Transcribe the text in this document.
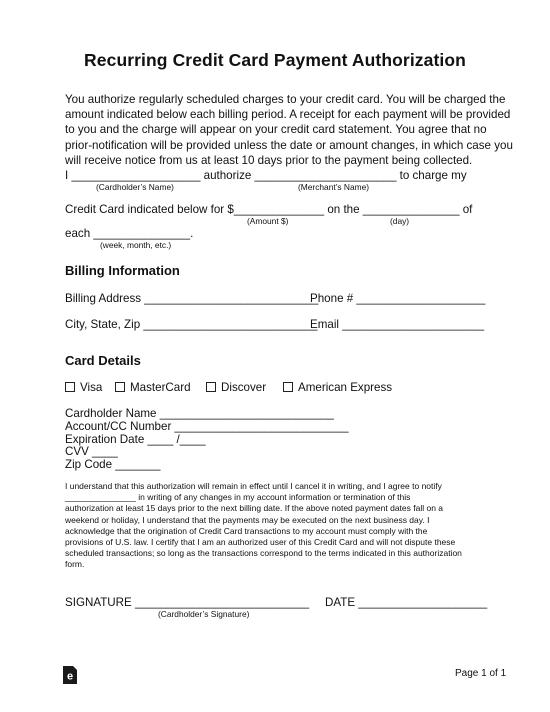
Recurring Credit Card Payment Authorization
You authorize regularly scheduled charges to your credit card. You will be charged the
amount indicated below each billing period. A receipt for each payment will be provided
to you and the charge will appear on your credit card statement. You agree that no
prior-notification will be provided unless the date or amount changes, in which case you
will receive notice from us at least 10 days prior to the payment being collected.
I ____________________ authorize ______________________ to charge my
(Cardholder’s Name)	(Merchant’s Name)
Credit Card indicated below for $______________ on the _______________ of
(Amount $)	(day)
each _______________.
(week, month, etc.)
Billing Information
Billing Address ___________________________
Phone # ____________________
City, State, Zip ___________________________
Email ______________________
Card Details
Visa	MasterCard	Discover	American Express
Cardholder Name ___________________________
Account/CC Number ___________________________
Expiration Date ____ /____
CVV ____
Zip Code _______
I understand that this authorization will remain in effect until I cancel it in writing, and I agree to notify
_______________ in writing of any changes in my account information or termination of this
authorization at least 15 days prior to the next billing date. If the above noted payment dates fall on a
weekend or holiday, I understand that the payments may be executed on the next business day. I
acknowledge that the origination of Credit Card transactions to my account must comply with the
provisions of U.S. law. I certify that I am an authorized user of this Credit Card and will not dispute these
scheduled transactions; so long as the transactions correspond to the terms indicated in this authorization
form.
SIGNATURE ___________________________
(Cardholder’s Signature)
DATE ____________________
e	Page 1 of 1
